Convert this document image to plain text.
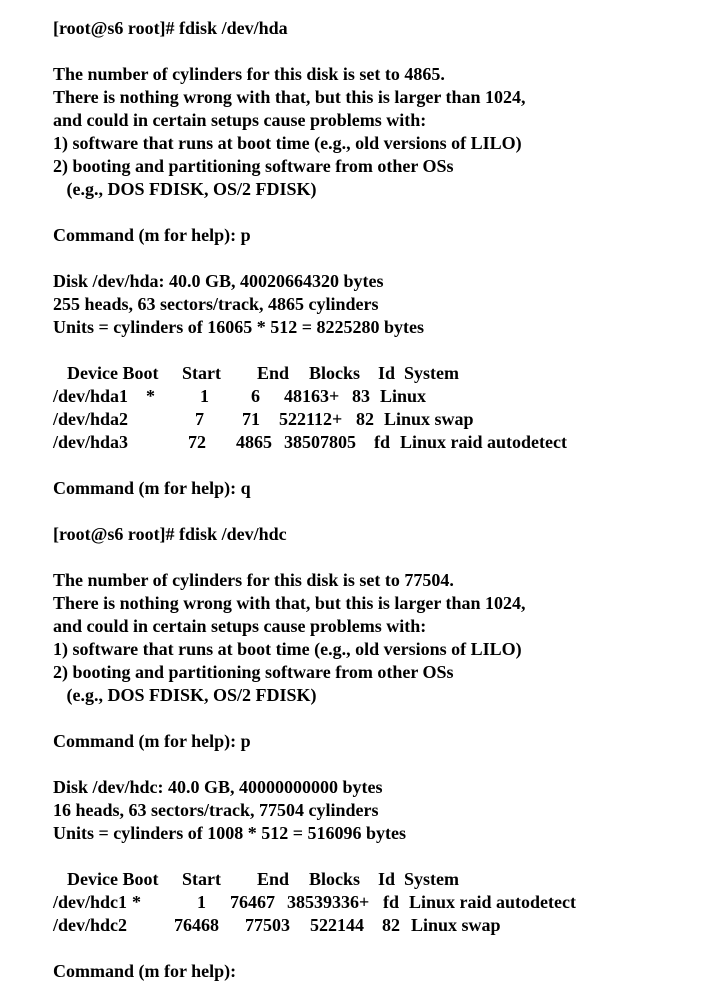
[root@s6 root]# fdisk /dev/hda
The number of cylinders for this disk is set to 4865.
There is nothing wrong with that, but this is larger than 1024,
and could in certain setups cause problems with:
1) software that runs at boot time (e.g., old versions of LILO)
2) booting and partitioning software from other OSs
(e.g., DOS FDISK, OS/2 FDISK)
Command (m for help): p
Disk /dev/hda: 40.0 GB, 40020664320 bytes
255 heads, 63 sectors/track, 4865 cylinders
Units = cylinders of 16065 * 512 = 8225280 bytes
Device Boot Start End Blocks Id System
/dev/hda1 *	1 6 48163+ 83 Linux
/dev/hda2	7 71 522112+ 82 Linux swap
/dev/hda3	72 4865 38507805 fd Linux raid autodetect
Command (m for help): q
[root@s6 root]# fdisk /dev/hdc
The number of cylinders for this disk is set to 77504.
There is nothing wrong with that, but this is larger than 1024,
and could in certain setups cause problems with:
1) software that runs at boot time (e.g., old versions of LILO)
2) booting and partitioning software from other OSs
(e.g., DOS FDISK, OS/2 FDISK)
Command (m for help): p
Disk /dev/hdc: 40.0 GB, 40000000000 bytes
16 heads, 63 sectors/track, 77504 cylinders
Units = cylinders of 1008 * 512 = 516096 bytes
Device Boot Start End Blocks Id System
/dev/hdc1 *	1 76467 38539336+ fd Linux raid autodetect
/dev/hdc2	76468 77503 522144 82 Linux swap
Command (m for help):
